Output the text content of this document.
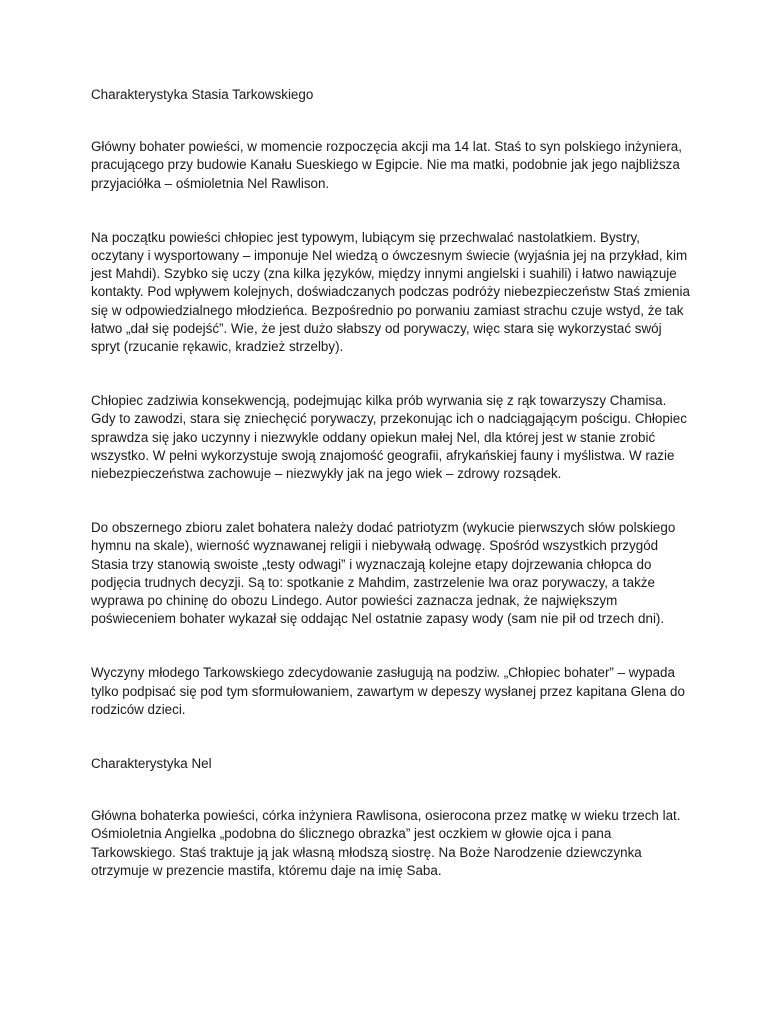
Charakterystyka Stasia Tarkowskiego

Główny bohater powieści, w momencie rozpoczęcia akcji ma 14 lat. Staś to syn polskiego inżyniera, pracującego przy budowie Kanału Sueskiego w Egipcie. Nie ma matki, podobnie jak jego najbliższa przyjaciółka – ośmioletnia Nel Rawlison.

Na początku powieści chłopiec jest typowym, lubiącym się przechwalać nastolatkiem. Bystry, oczytany i wysportowany – imponuje Nel wiedzą o ówczesnym świecie (wyjaśnia jej na przykład, kim jest Mahdi). Szybko się uczy (zna kilka języków, między innymi angielski i suahili) i łatwo nawiązuje kontakty. Pod wpływem kolejnych, doświadczanych podczas podróży niebezpieczeństw Staś zmienia się w odpowiedzialnego młodzieńca. Bezpośrednio po porwaniu zamiast strachu czuje wstyd, że tak łatwo „dał się podejść”. Wie, że jest dużo słabszy od porywaczy, więc stara się wykorzystać swój spryt (rzucanie rękawic, kradzież strzelby).

Chłopiec zadziwia konsekwencją, podejmując kilka prób wyrwania się z rąk towarzyszy Chamisa. Gdy to zawodzi, stara się zniechęcić porywaczy, przekonując ich o nadciągającym pościgu. Chłopiec sprawdza się jako uczynny i niezwykle oddany opiekun małej Nel, dla której jest w stanie zrobić wszystko. W pełni wykorzystuje swoją znajomość geografii, afrykańskiej fauny i myślistwa. W razie niebezpieczeństwa zachowuje – niezwykły jak na jego wiek – zdrowy rozsądek.

Do obszernego zbioru zalet bohatera należy dodać patriotyzm (wykucie pierwszych słów polskiego hymnu na skale), wierność wyznawanej religii i niebywałą odwagę. Spośród wszystkich przygód Stasia trzy stanowią swoiste „testy odwagi” i wyznaczają kolejne etapy dojrzewania chłopca do podjęcia trudnych decyzji. Są to: spotkanie z Mahdim, zastrzelenie lwa oraz porywaczy, a także wyprawa po chininę do obozu Lindego. Autor powieści zaznacza jednak, że największym poświeceniem bohater wykazał się oddając Nel ostatnie zapasy wody (sam nie pił od trzech dni).

Wyczyny młodego Tarkowskiego zdecydowanie zasługują na podziw. „Chłopiec bohater” – wypada tylko podpisać się pod tym sformułowaniem, zawartym w depeszy wysłanej przez kapitana Glena do rodziców dzieci.

Charakterystyka Nel

Główna bohaterka powieści, córka inżyniera Rawlisona, osierocona przez matkę w wieku trzech lat. Ośmioletnia Angielka „podobna do ślicznego obrazka” jest oczkiem w głowie ojca i pana Tarkowskiego. Staś traktuje ją jak własną młodszą siostrę. Na Boże Narodzenie dziewczynka otrzymuje w prezencie mastifa, któremu daje na imię Saba.
